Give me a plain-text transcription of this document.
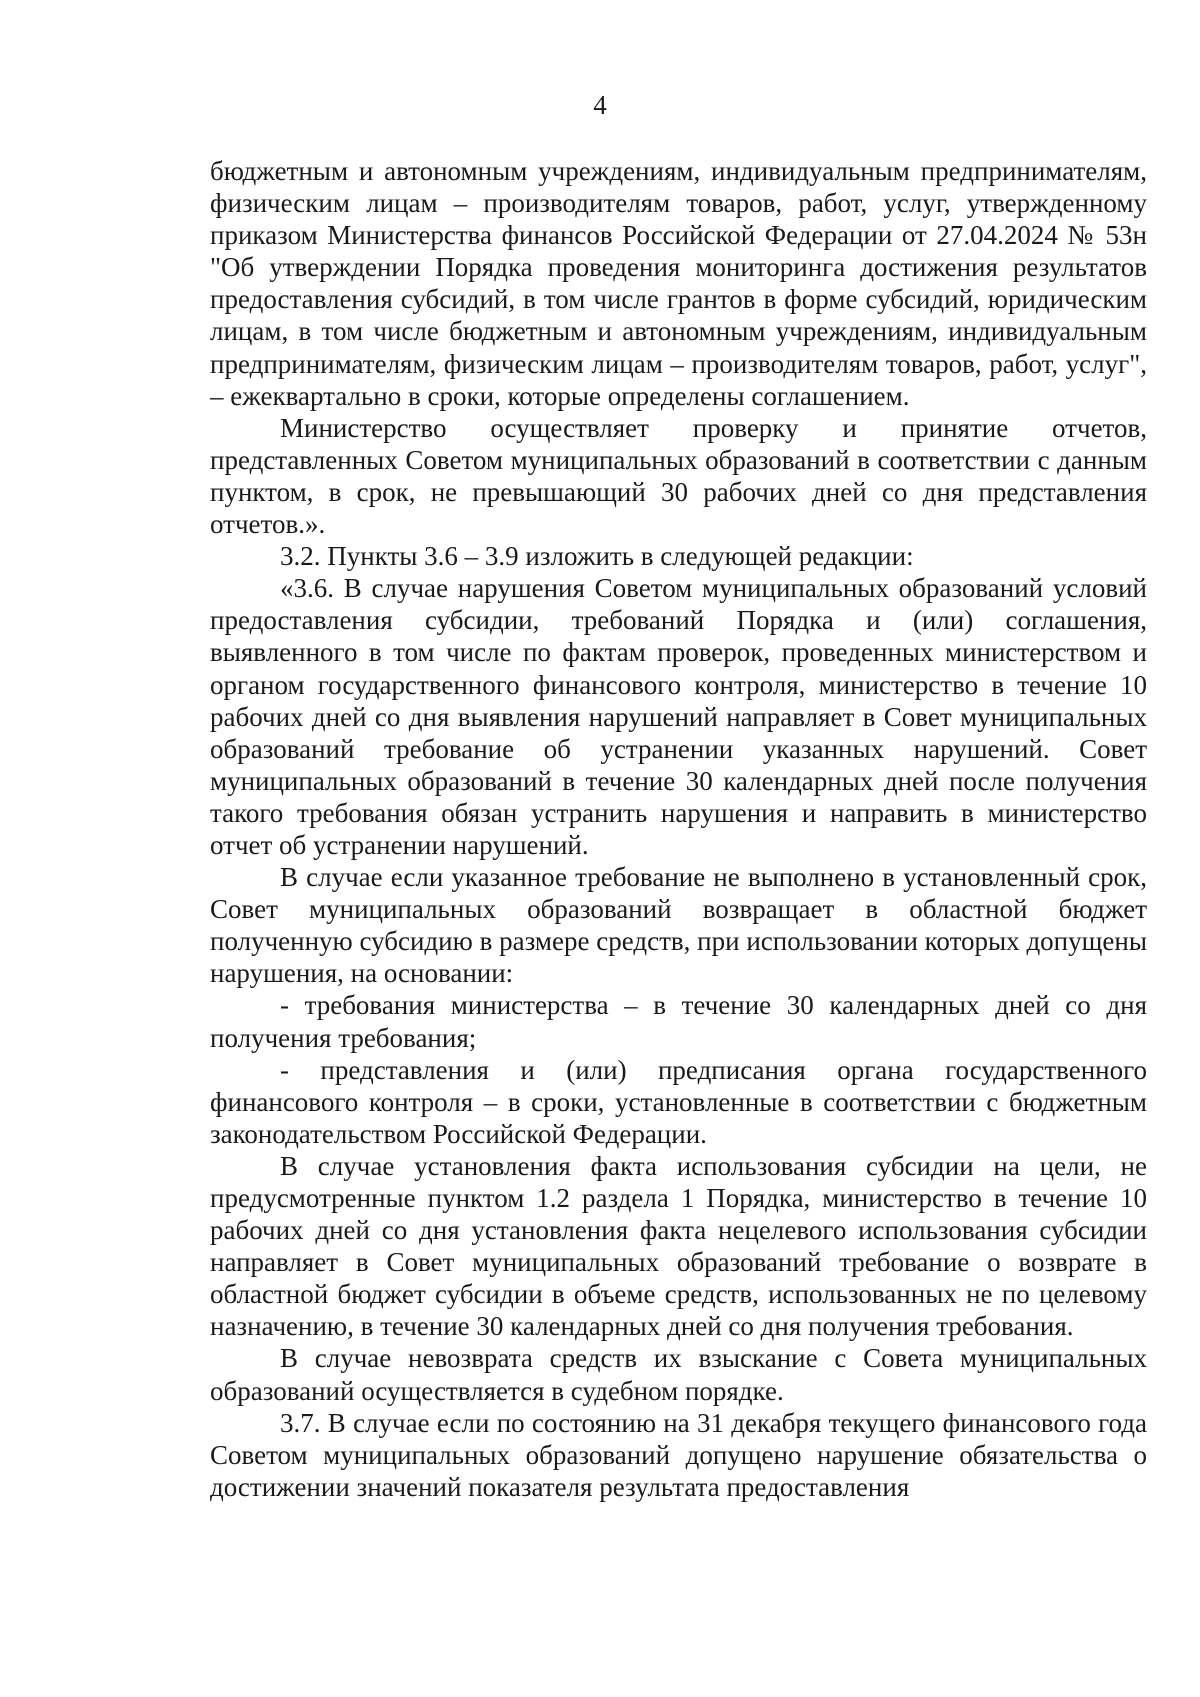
4

бюджетным и автономным учреждениям, индивидуальным предпринимателям, физическим лицам – производителям товаров, работ, услуг, утвержденному приказом Министерства финансов Российской Федерации от 27.04.2024 № 53н "Об утверждении Порядка проведения мониторинга достижения результатов предоставления субсидий, в том числе грантов в форме субсидий, юридическим лицам, в том числе бюджетным и автономным учреждениям, индивидуальным предпринимателям, физическим лицам – производителям товаров, работ, услуг", – ежеквартально в сроки, которые определены соглашением.

Министерство осуществляет проверку и принятие отчетов, представленных Советом муниципальных образований в соответствии с данным пунктом, в срок, не превышающий 30 рабочих дней со дня представления отчетов.».

3.2. Пункты 3.6 – 3.9 изложить в следующей редакции:

«3.6. В случае нарушения Советом муниципальных образований условий предоставления субсидии, требований Порядка и (или) соглашения, выявленного в том числе по фактам проверок, проведенных министерством и органом государственного финансового контроля, министерство в течение 10 рабочих дней со дня выявления нарушений направляет в Совет муниципальных образований требование об устранении указанных нарушений. Совет муниципальных образований в течение 30 календарных дней после получения такого требования обязан устранить нарушения и направить в министерство отчет об устранении нарушений.

В случае если указанное требование не выполнено в установленный срок, Совет муниципальных образований возвращает в областной бюджет полученную субсидию в размере средств, при использовании которых допущены нарушения, на основании:

- требования министерства – в течение 30 календарных дней со дня получения требования;

- представления и (или) предписания органа государственного финансового контроля – в сроки, установленные в соответствии с бюджетным законодательством Российской Федерации.

В случае установления факта использования субсидии на цели, не предусмотренные пунктом 1.2 раздела 1 Порядка, министерство в течение 10 рабочих дней со дня установления факта нецелевого использования субсидии направляет в Совет муниципальных образований требование о возврате в областной бюджет субсидии в объеме средств, использованных не по целевому назначению, в течение 30 календарных дней со дня получения требования.

В случае невозврата средств их взыскание с Совета муниципальных образований осуществляется в судебном порядке.

3.7. В случае если по состоянию на 31 декабря текущего финансового года Советом муниципальных образований допущено нарушение обязательства о достижении значений показателя результата предоставления
